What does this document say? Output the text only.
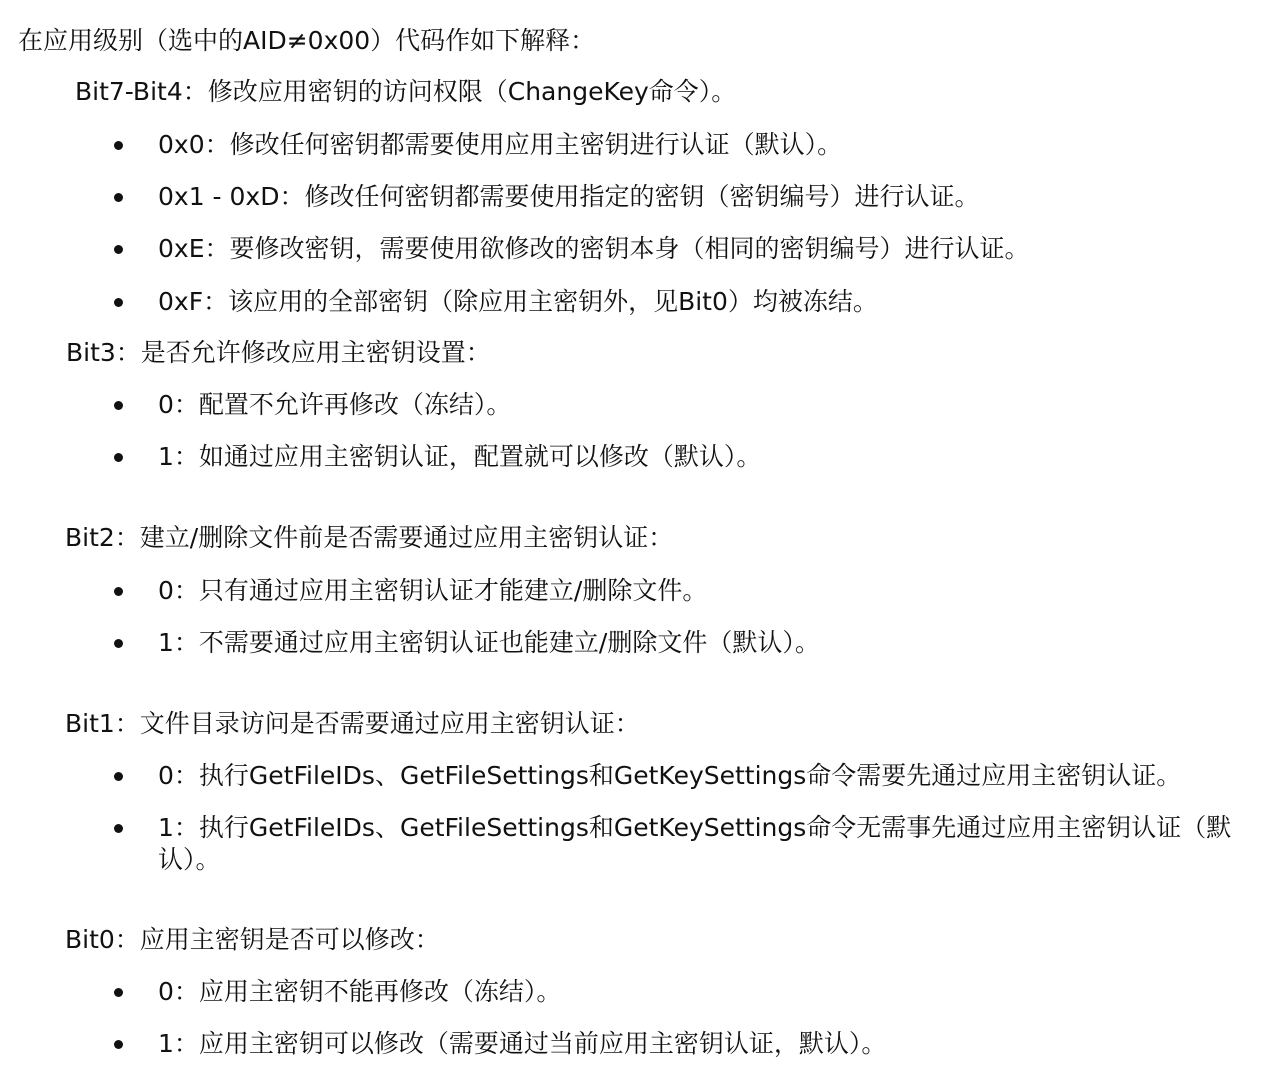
在应用级别（选中的AID≠0x00）代码作如下解释：
Bit7-Bit4：修改应用密钥的访问权限（ChangeKey命令）。
0x0：修改任何密钥都需要使用应用主密钥进行认证（默认）。
0x1 - 0xD：修改任何密钥都需要使用指定的密钥（密钥编号）进行认证。
0xE：要修改密钥，需要使用欲修改的密钥本身（相同的密钥编号）进行认证。
0xF：该应用的全部密钥（除应用主密钥外，见Bit0）均被冻结。
Bit3：是否允许修改应用主密钥设置：
0：配置不允许再修改（冻结）。
1：如通过应用主密钥认证，配置就可以修改（默认）。
Bit2：建立/删除文件前是否需要通过应用主密钥认证：
0：只有通过应用主密钥认证才能建立/删除文件。
1：不需要通过应用主密钥认证也能建立/删除文件（默认）。
Bit1：文件目录访问是否需要通过应用主密钥认证：
0：执行GetFileIDs、GetFileSettings和GetKeySettings命令需要先通过应用主密钥认证。
1：执行GetFileIDs、GetFileSettings和GetKeySettings命令无需事先通过应用主密钥认证（默认）。
Bit0：应用主密钥是否可以修改：
0：应用主密钥不能再修改（冻结）。
1：应用主密钥可以修改（需要通过当前应用主密钥认证，默认）。
